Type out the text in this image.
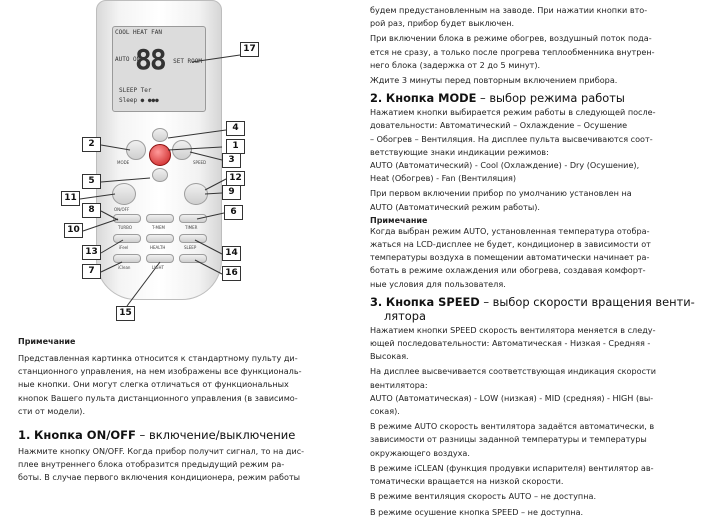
COOL HEAT FAN
AUTO ON
88 SET ROOM
SLEEP Ter
Sleep ● ●●●
MODE	SPEED
ON/OFF
TURBO	T-MEM	TIMER
iFeel	HEALTH	SLEEP
iClean	LIGHT
1
2
3
4
5
6
7
8
9
10
11
12
13	14
15
16
17
Примечание
Представленная картинка относится к стандартному пульту ди-
станционного управления, на нем изображены все функциональ-
ные кнопки. Они могут слегка отличаться от функциональных
кнопок Вашего пульта дистанционного управления (в зависимо-
сти от модели).
1. Кнопка ON/OFF – включение/выключение
Нажмите кнопку ON/OFF. Когда прибор получит сигнал, то на дис-
плее внутреннего блока отобразится предыдущий режим ра-
боты. В случае первого включения кондиционера, режим работы
будем предустановленным на заводе. При нажатии кнопки вто-
рой раз, прибор будет выключен.
При включении блока в режиме обогрев, воздушный поток пода-
ется не сразу, а только после прогрева теплообменника внутрен-
него блока (задержка от 2 до 5 минут).
Ждите 3 минуты перед повторным включением прибора.
2. Кнопка MODE – выбор режима работы
Нажатием кнопки выбирается режим работы в следующей после-
довательности: Автоматический – Охлаждение – Осушение
– Обогрев – Вентиляция. На дисплее пульта высвечиваются соот-
ветствующие знаки индикации режимов:
AUTO (Автоматический) - Cool (Охлаждение) - Dry (Осушение),
Heat (Обогрев) - Fan (Вентиляция)
При первом включении прибор по умолчанию установлен на
AUTO (Автоматический режим работы).
Примечание
Когда выбран режим AUTO, установленная температура отобра-
жаться на LCD-дисплее не будет, кондиционер в зависимости от
температуры воздуха в помещении автоматически начинает ра-
ботать в режиме охлаждения или обогрева, создавая комфорт-
ные условия для пользователя.
3. Кнопка SPEED – выбор скорости вращения венти-
лятора
Нажатием кнопки SPEED скорость вентилятора меняется в следу-
ющей последовательности: Автоматическая - Низкая - Средняя -
Высокая.
На дисплее высвечивается соответствующая индикация скорости
вентилятора:
AUTO (Автоматическая) - LOW (низкая) - MID (средняя) - HIGH (вы-
сокая).
В режиме AUTO скорость вентилятора задаётся автоматически, в
зависимости от разницы заданной температуры и температуры
окружающего воздуха.
В режиме iCLEAN (функция продувки испарителя) вентилятор ав-
томатически вращается на низкой скорости.
В режиме вентиляция скорость AUTO – не доступна.
В режиме осушение кнопка SPEED – не доступна.
